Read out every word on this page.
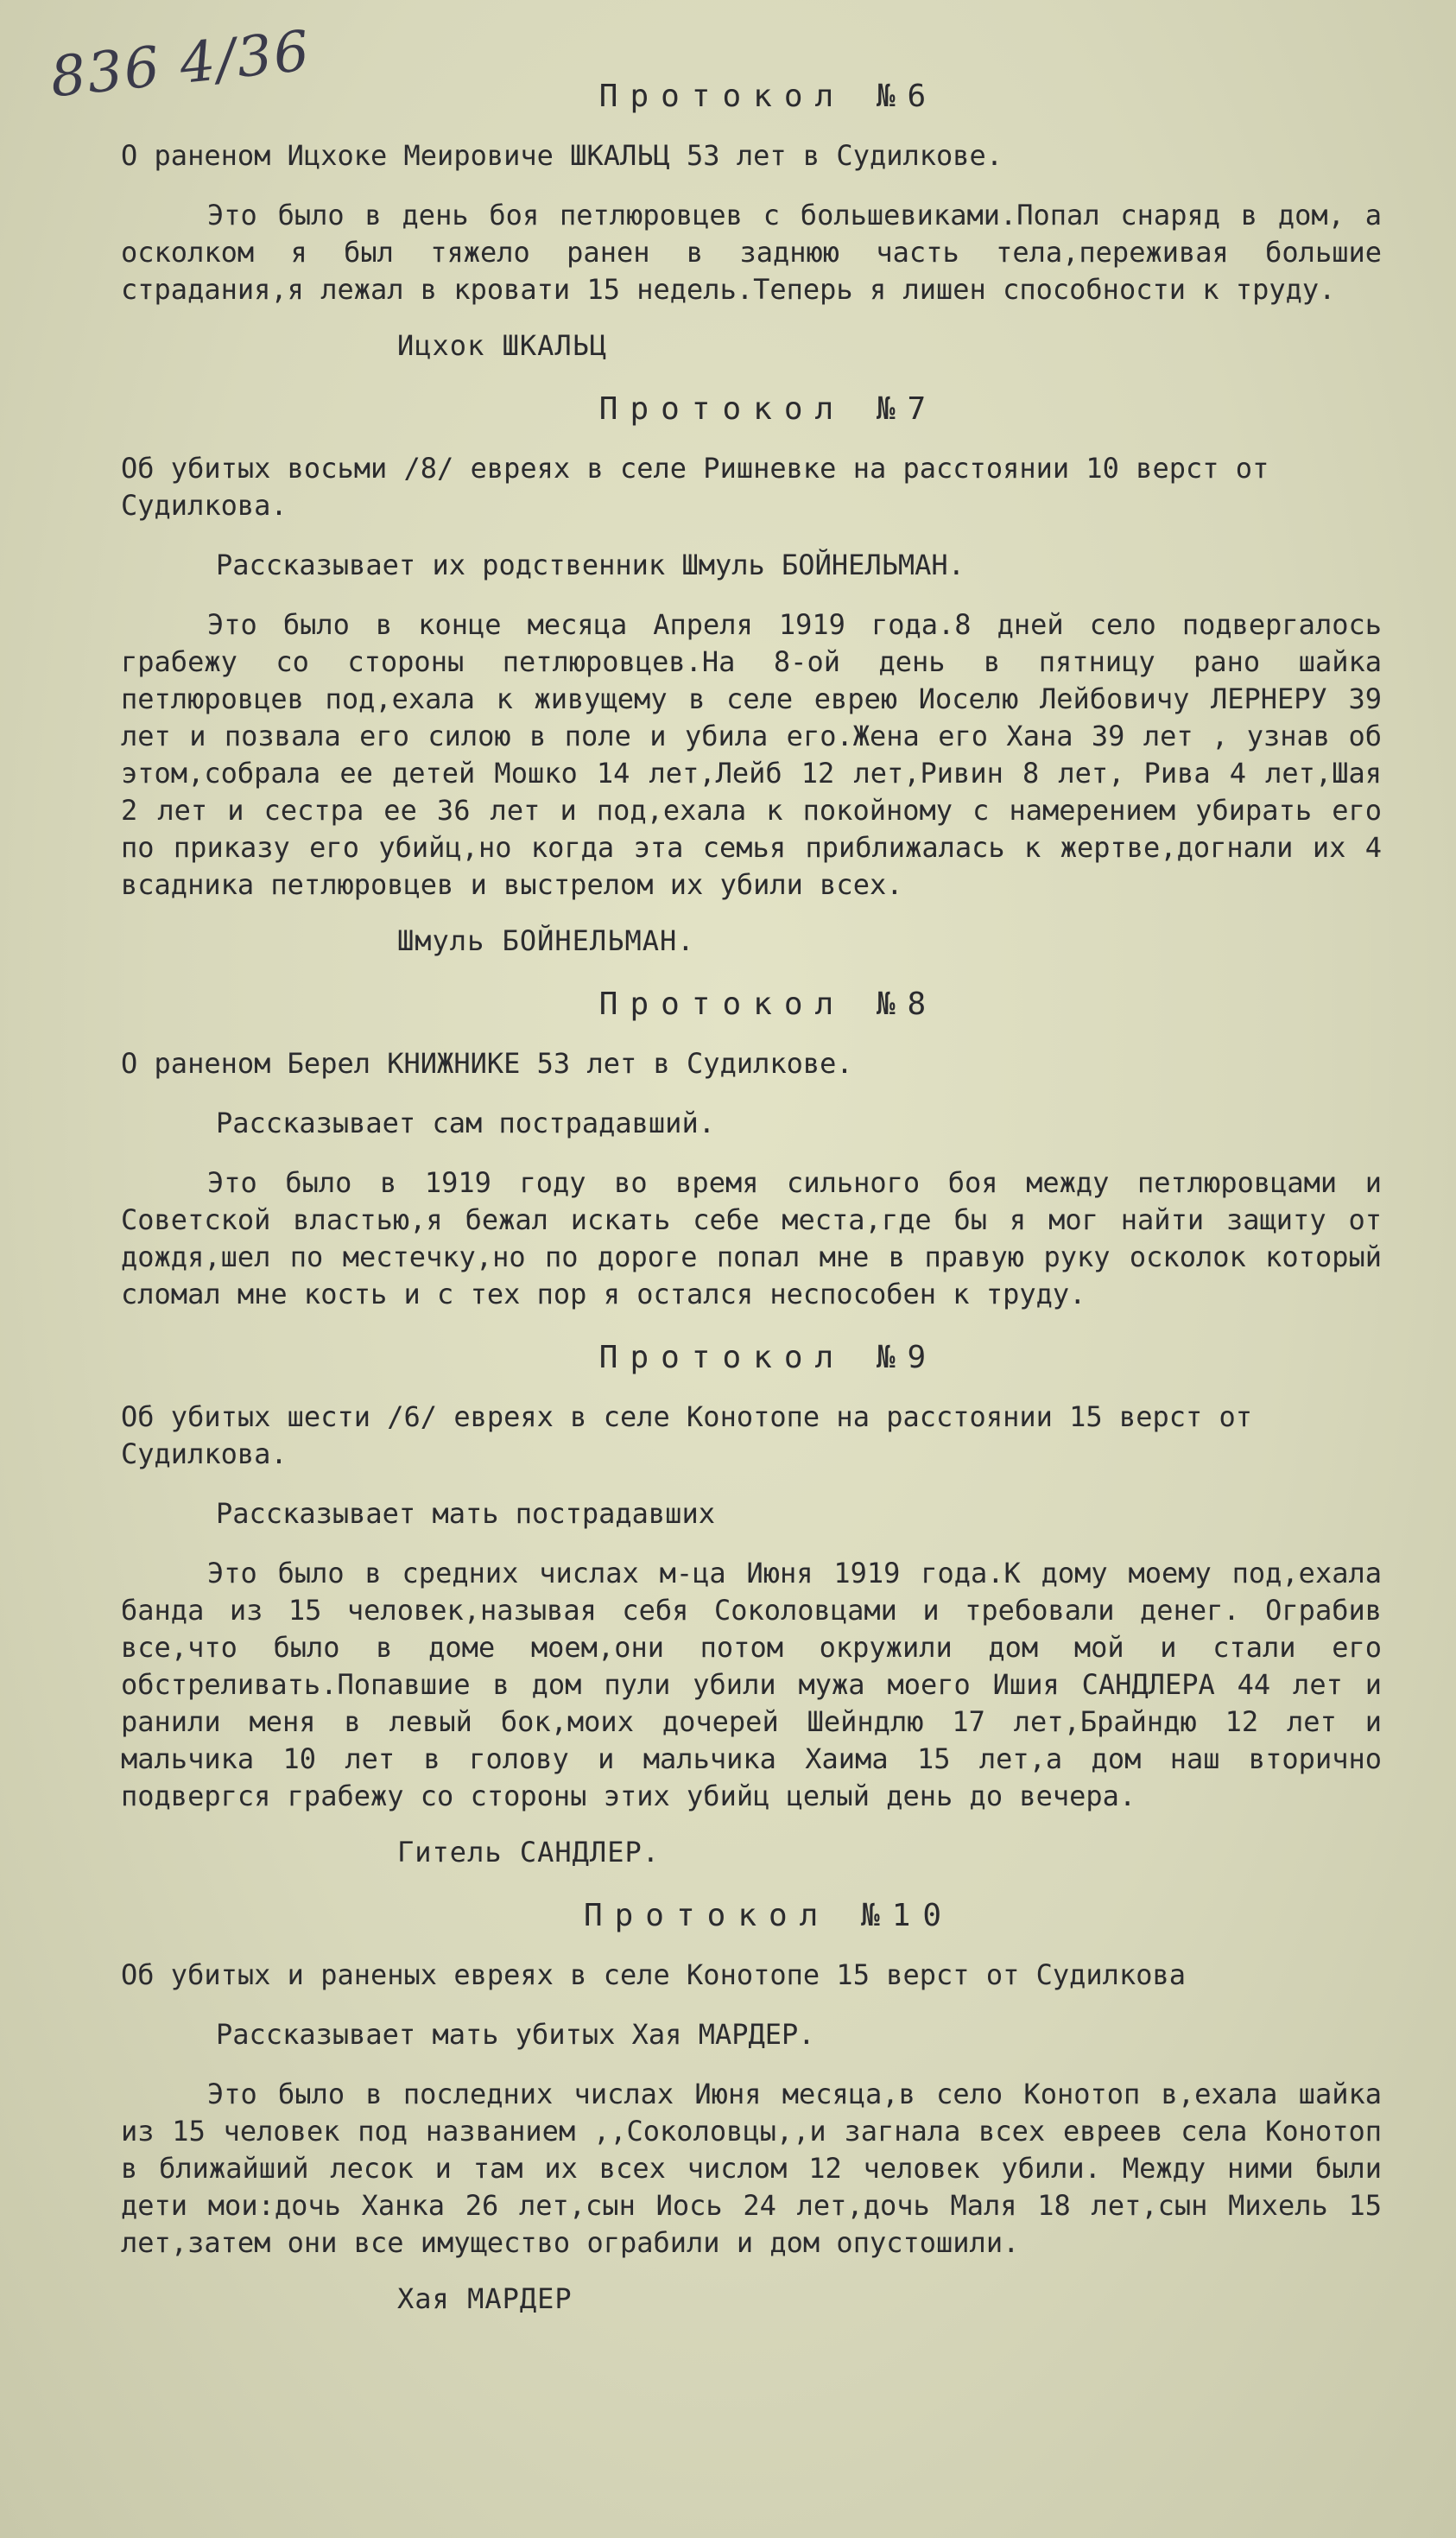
836 4/36	Протокол №6

О раненом Ицхоке Меировиче ШКАЛЬЦ 53 лет в Судилкове.

Это было в день боя петлюровцев с большевиками.Попал снаряд в дом, а осколком я был тяжело ранен в заднюю часть тела,переживая большие страдания,я лежал в кровати 15 недель.Теперь я лишен способности к труду.

Ицхок ШКАЛЬЦ
Протокол №7

Об убитых восьми /8/ евреях в селе Ришневке на расстоянии 10 верст от Судилкова.

Рассказывает их родственник Шмуль БОЙНЕЛЬМАН.

Это было в конце месяца Апреля 1919 года.8 дней село подвергалось грабежу со стороны петлюровцев.На 8-ой день в пятницу рано шайка петлюровцев под,ехала к живущему в селе еврею Иоселю Лейбовичу ЛЕРНЕРУ 39 лет и позвала его силою в поле и убила его.Жена его Хана 39 лет , узнав об этом,собрала ее детей Мошко 14 лет,Лейб 12 лет,Ривин 8 лет, Рива 4 лет,Шая 2 лет и сестра ее 36 лет и под,ехала к покойному с намерением убирать его по приказу его убийц,но когда эта семья приближалась к жертве,догнали их 4 всадника петлюровцев и выстрелом их убили всех.

Шмуль БОЙНЕЛЬМАН.
Протокол №8

О раненом Берел КНИЖНИКЕ 53 лет в Судилкове.

Рассказывает сам пострадавший.

Это было в 1919 году во время сильного боя между петлюровцами и Советской властью,я бежал искать себе места,где бы я мог найти защиту от дождя,шел по местечку,но по дороге попал мне в правую руку осколок который сломал мне кость и с тех пор я остался неспособен к труду.

Протокол №9

Об убитых шести /6/ евреях в селе Конотопе на расстоянии 15 верст от Судилкова.

Рассказывает мать пострадавших

Это было в средних числах м-ца Июня 1919 года.К дому моему под,ехала банда из 15 человек,называя себя Соколовцами и требовали денег. Ограбив все,что было в доме моем,они потом окружили дом мой и стали его обстреливать.Попавшие в дом пули убили мужа моего Ишия САНДЛЕРА 44 лет и ранили меня в левый бок,моих дочерей Шейндлю 17 лет,Брайндю 12 лет и мальчика 10 лет в голову и мальчика Хаима 15 лет,а дом наш вторично подвергся грабежу со стороны этих убийц целый день до вечера.

Гитель САНДЛЕР.
Протокол №10

Об убитых и раненых евреях в селе Конотопе 15 верст от Судилкова

Рассказывает мать убитых Хая МАРДЕР.

Это было в последних числах Июня месяца,в село Конотоп в,ехала шайка из 15 человек под названием ,,Соколовцы,,и загнала всех евреев села Конотоп в ближайший лесок и там их всех числом 12 человек убили. Между ними были дети мои:дочь Ханка 26 лет,сын Иось 24 лет,дочь Маля 18 лет,сын Михель 15 лет,затем они все имущество ограбили и дом опустошили.

Хая МАРДЕР
